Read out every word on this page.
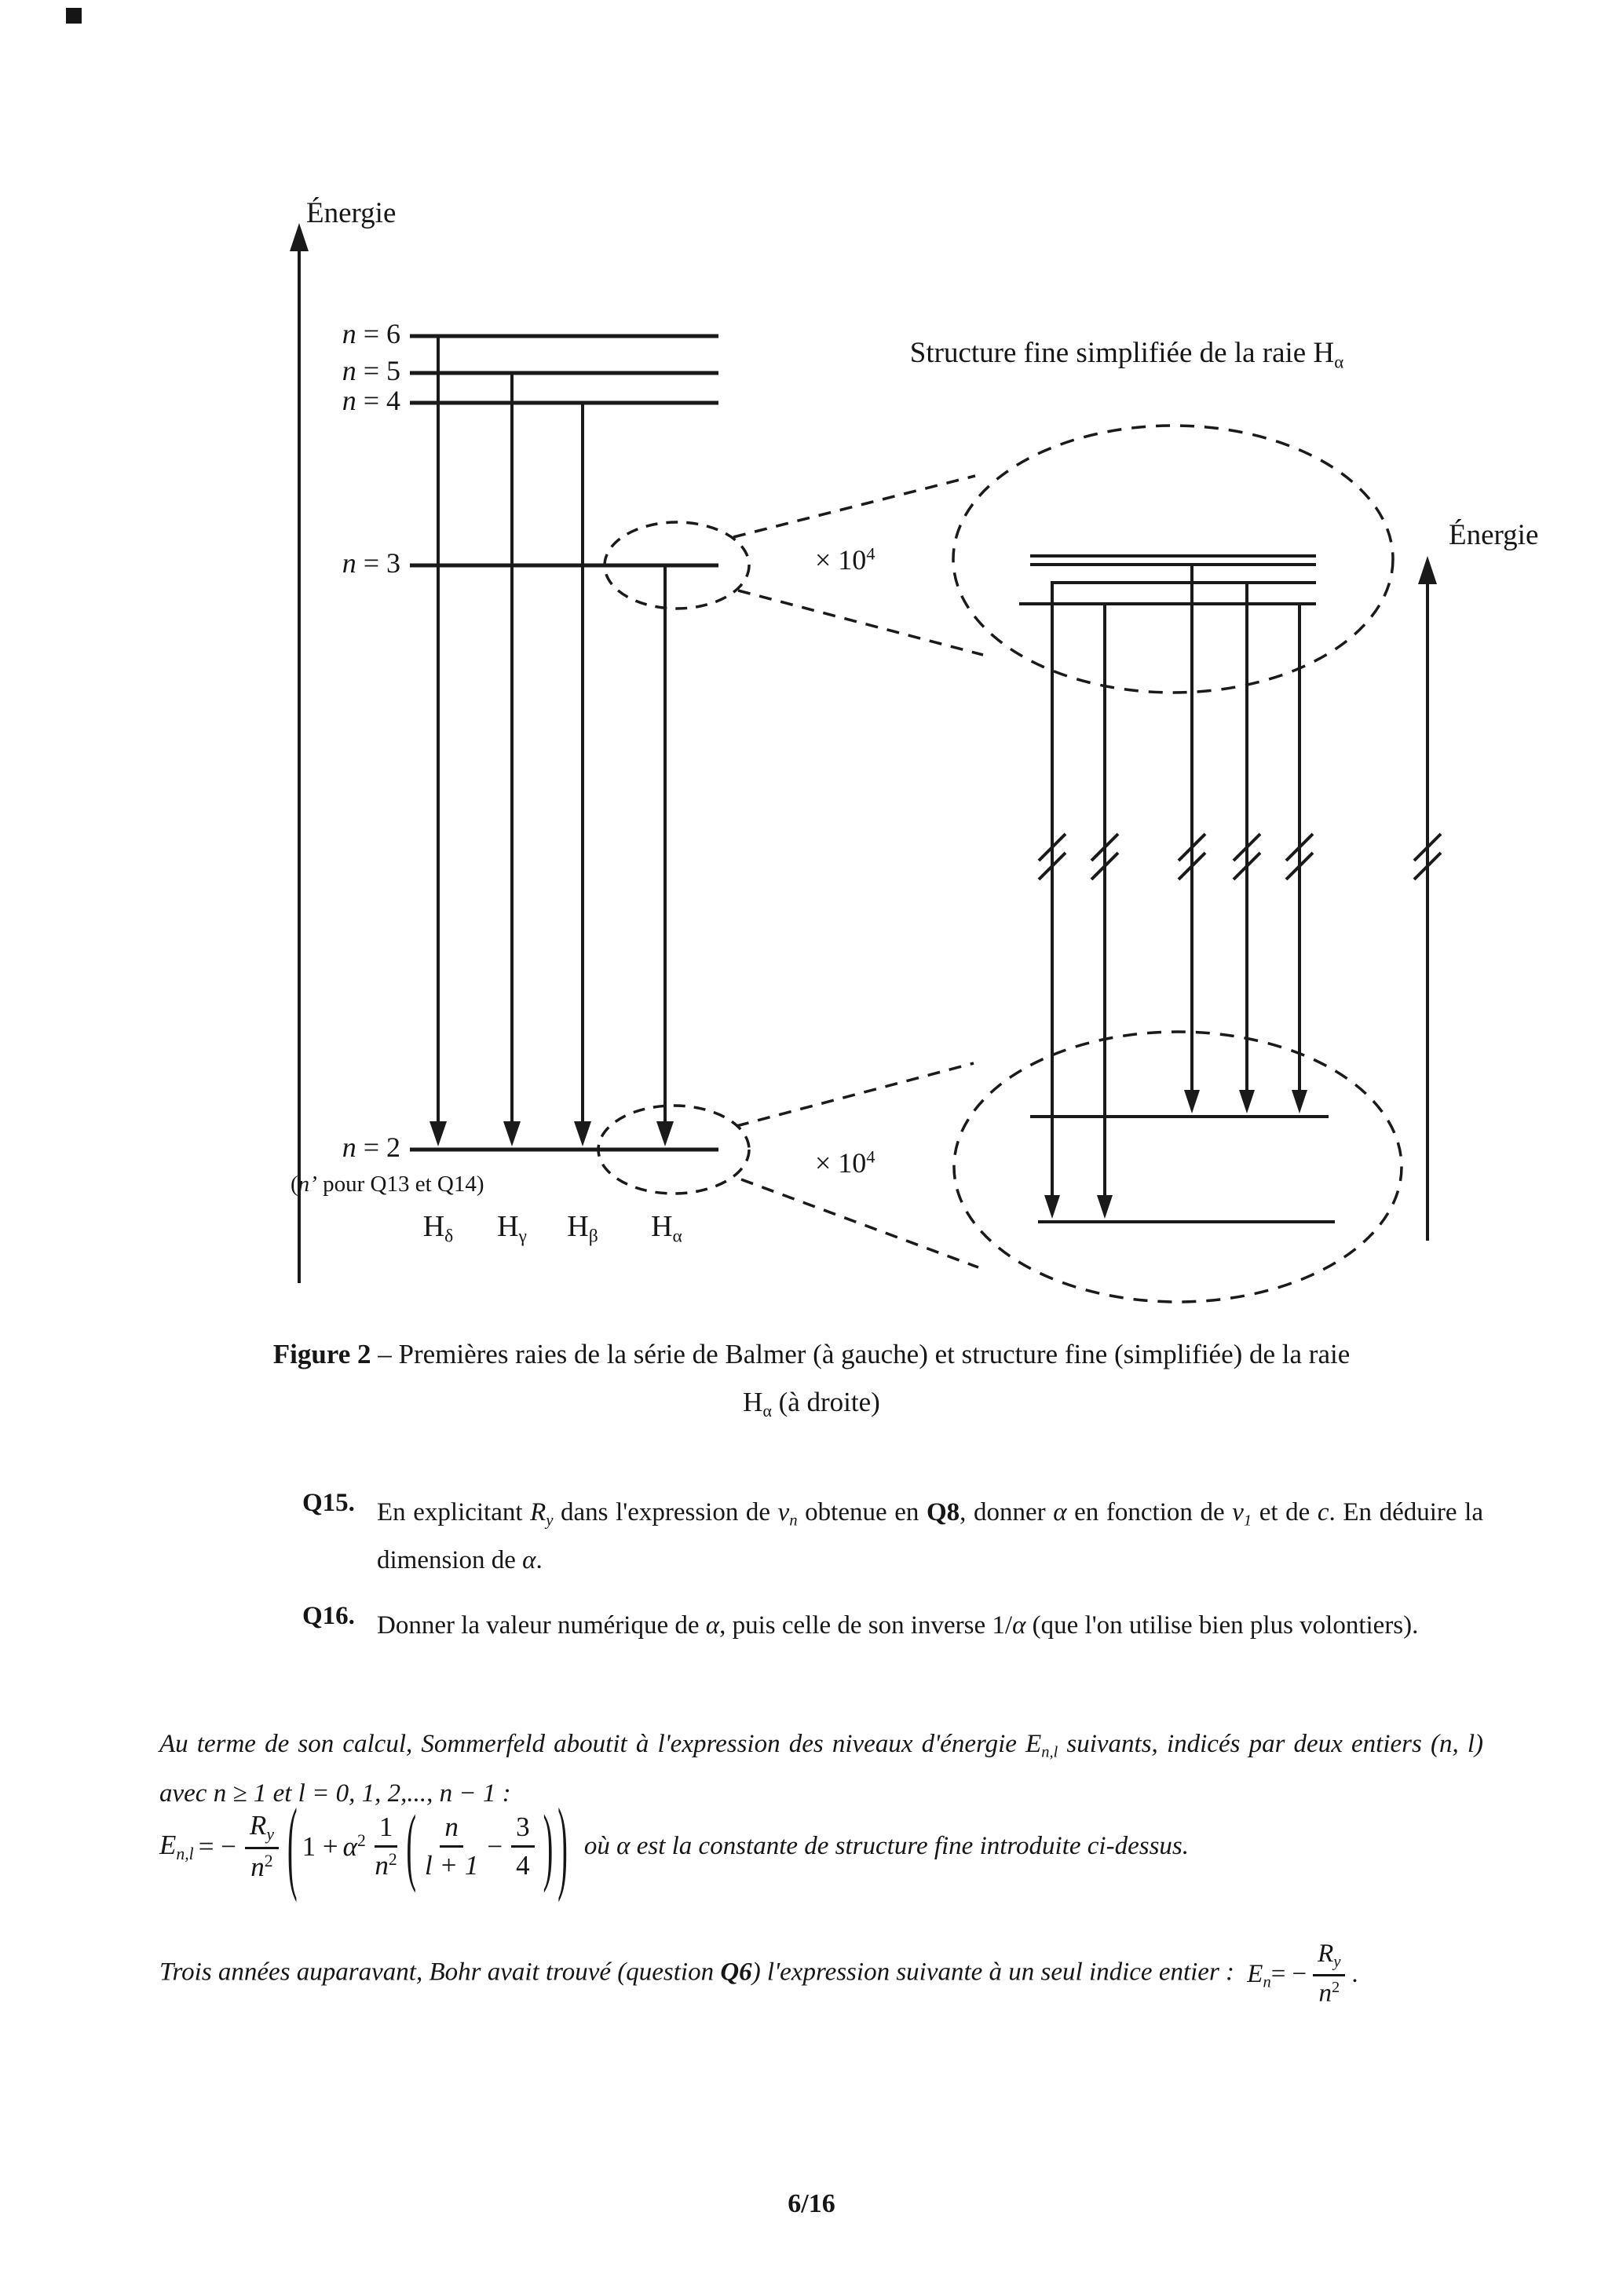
Énergie
n = 6
n = 5
n = 4
n = 3
n = 2
(n’ pour Q13 et Q14)
$H_\delta$ $H_\gamma$ $H_\beta$ $H_\alpha$
Structure fine simplifiée de la raie $H_\alpha$
× $10^4$
× $10^4$
Énergie
Figure 2 – Premières raies de la série de Balmer (à gauche) et structure fine (simplifiée) de la raie
$H_\alpha$ (à droite)
Q15. En explicitant $R_y$ dans l'expression de $v_n$ obtenue en Q8, donner α en fonction de $v_1$ et de c. En déduire la dimension de α.
Q16. Donner la valeur numérique de α, puis celle de son inverse 1/α (que l'on utilise bien plus volontiers).
Au terme de son calcul, Sommerfeld aboutit à l'expression des niveaux d'énergie $E_{n,l}$ suivants, indicés par deux entiers (n, l) avec n ≥ 1 et l = 0, 1, 2,..., n − 1 :
$E_{n,l}$ = − $\frac{R_y}{n^2}$ ( $1 + \alpha^2 \frac{1}{n^2}$ ( $\frac{n}{l + 1} - \frac{3}{4}$ ) ) où α est la constante de structure fine introduite ci-dessus.
Trois années auparavant, Bohr avait trouvé (question Q6) l'expression suivante à un seul indice entier : $E_n$ = − $\frac{R_y}{n^2}$ .
6/16
